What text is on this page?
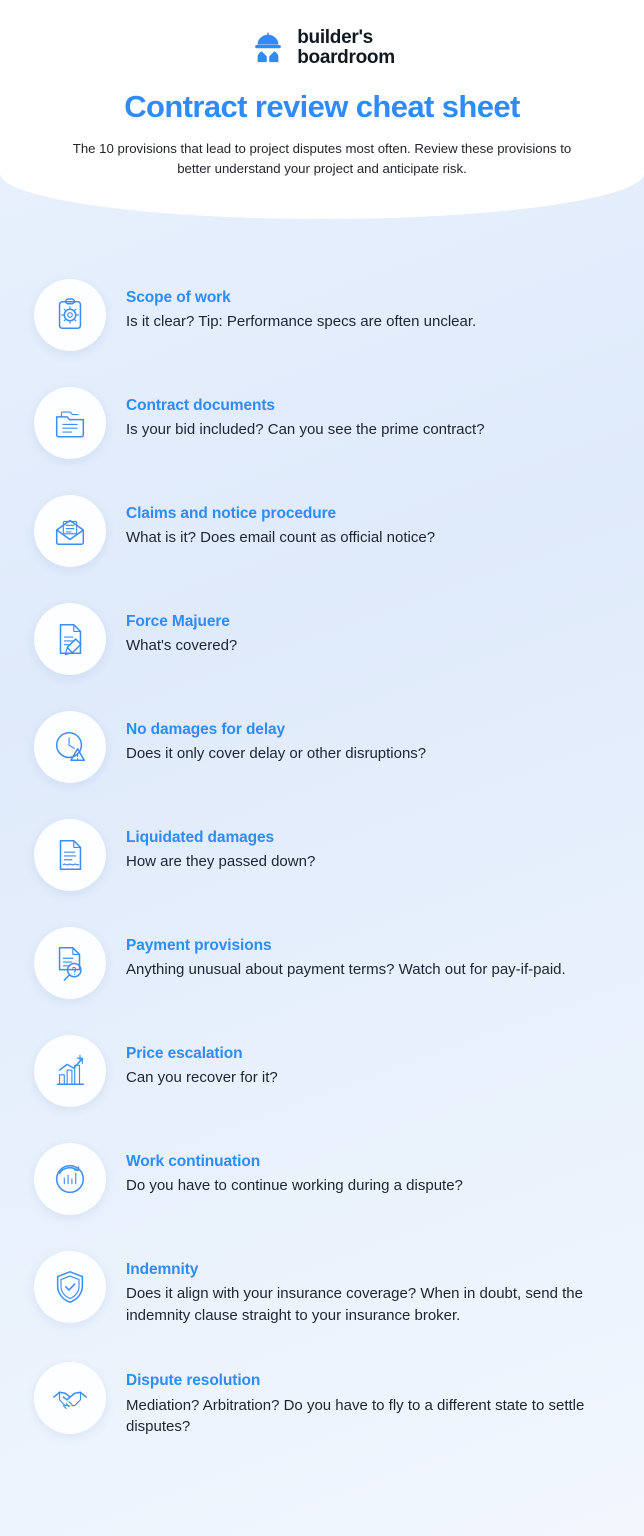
builder's
boardroom
Contract review cheat sheet

The 10 provisions that lead to project disputes most often. Review these provisions to better understand your project and anticipate risk.

Scope of work

Is it clear? Tip: Performance specs are often unclear.

Contract documents

Is your bid included? Can you see the prime contract?

Claims and notice procedure

What is it? Does email count as official notice?

Force Majuere

What's covered?

No damages for delay

Does it only cover delay or other disruptions?

Liquidated damages

How are they passed down?

Payment provisions

Anything unusual about payment terms? Watch out for pay-if-paid.

Price escalation

Can you recover for it?

Work continuation

Do you have to continue working during a dispute?

Indemnity

Does it align with your insurance coverage? When in doubt, send the indemnity clause straight to your insurance broker.

Dispute resolution

Mediation? Arbitration? Do you have to fly to a different state to settle disputes?
